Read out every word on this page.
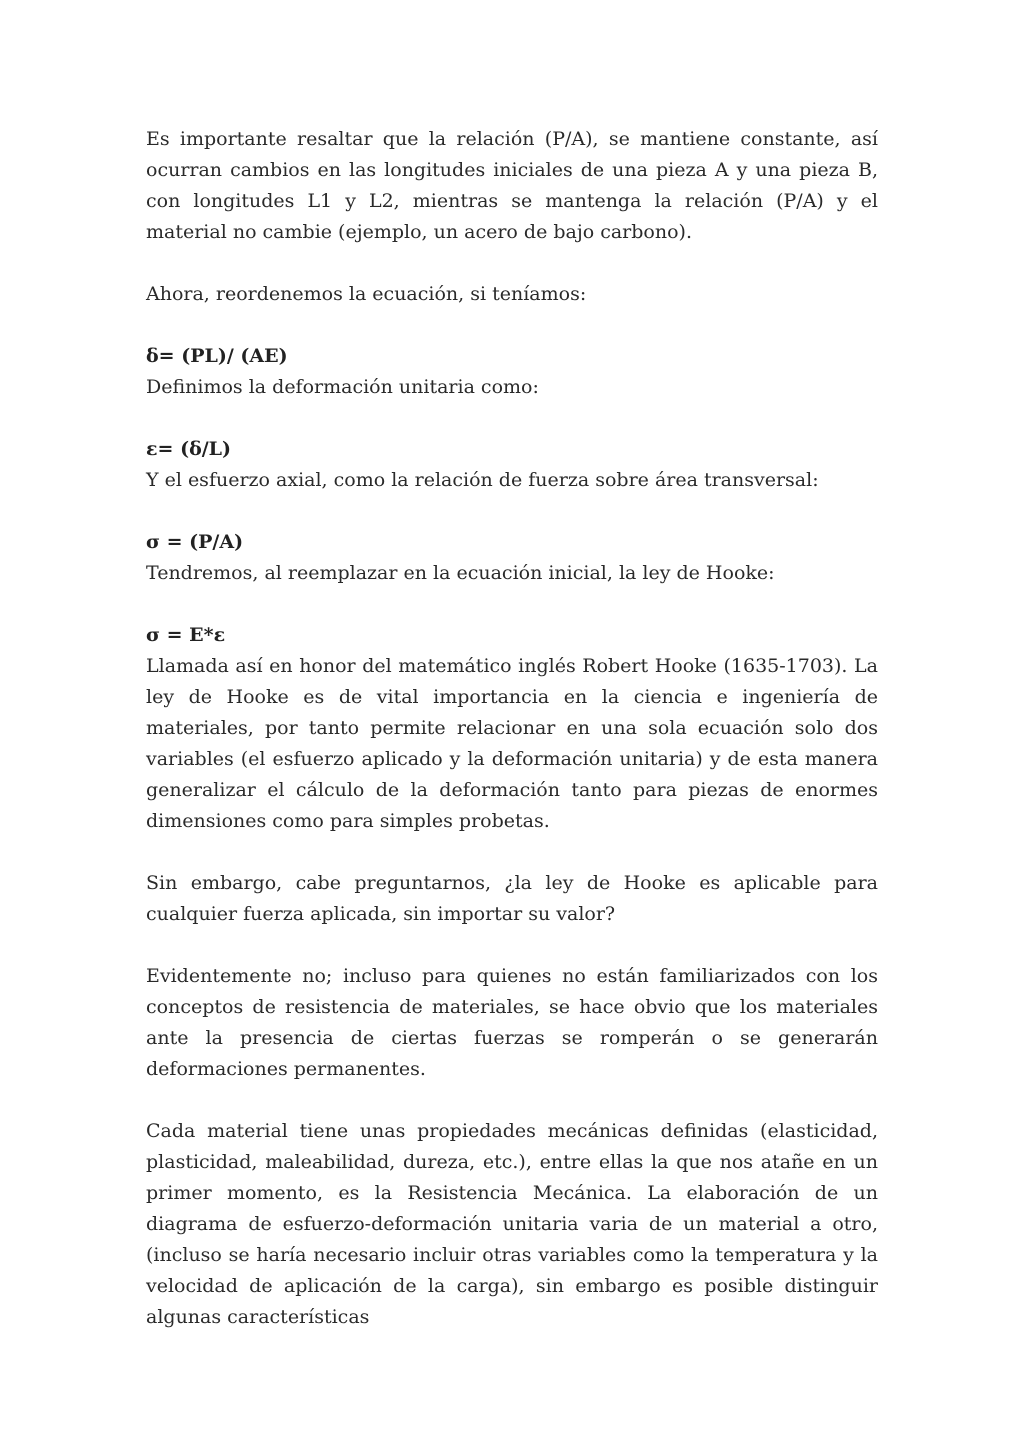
Es importante resaltar que la relación (P/A), se mantiene constante, así ocurran cambios en las longitudes iniciales de una pieza A y una pieza B, con longitudes L1 y L2, mientras se mantenga la relación (P/A) y el material no cambie (ejemplo, un acero de bajo carbono).

Ahora, reordenemos la ecuación, si teníamos:

δ= (PL)/ (AE)
Definimos la deformación unitaria como:
ε= (δ/L)
Y el esfuerzo axial, como la relación de fuerza sobre área transversal:
σ = (P/A)
Tendremos, al reemplazar en la ecuación inicial, la ley de Hooke:
σ = E*ε

Llamada así en honor del matemático inglés Robert Hooke (1635-1703). La ley de Hooke es de vital importancia en la ciencia e ingeniería de materiales, por tanto permite relacionar en una sola ecuación solo dos variables (el esfuerzo aplicado y la deformación unitaria) y de esta manera generalizar el cálculo de la deformación tanto para piezas de enormes dimensiones como para simples probetas.

Sin embargo, cabe preguntarnos, ¿la ley de Hooke es aplicable para cualquier fuerza aplicada, sin importar su valor?

Evidentemente no; incluso para quienes no están familiarizados con los conceptos de resistencia de materiales, se hace obvio que los materiales ante la presencia de ciertas fuerzas se romperán o se generarán deformaciones permanentes.

Cada material tiene unas propiedades mecánicas definidas (elasticidad, plasticidad, maleabilidad, dureza, etc.), entre ellas la que nos atañe en un primer momento, es la Resistencia Mecánica. La elaboración de un diagrama de esfuerzo-deformación unitaria varia de un material a otro, (incluso se haría necesario incluir otras variables como la temperatura y la velocidad de aplicación de la carga), sin embargo es posible distinguir algunas características
